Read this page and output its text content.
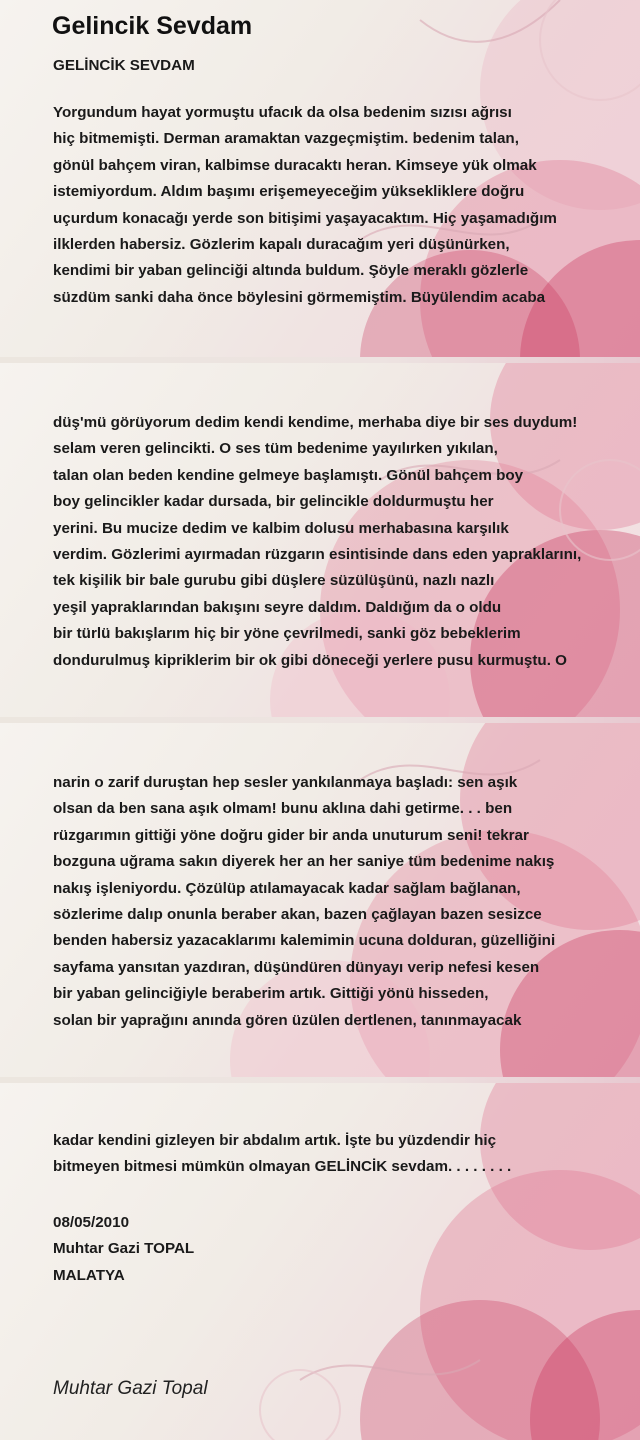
Gelincik Sevdam
GELİNCİK SEVDAM
Yorgundum hayat yormuştu ufacık da olsa bedenim sızısı ağrısı
hiç bitmemişti. Derman aramaktan vazgeçmiştim. bedenim talan,
gönül bahçem viran, kalbimse duracaktı heran. Kimseye yük olmak
istemiyordum. Aldım başımı erişemeyeceğim yükseklikler​e doğru
uçurdum konacağı yerde son bitişimi yaşayacaktım. Hiç yaşamadığım
ilklerden habersiz. Gözlerim kapalı duracağım yeri düşünürken,
kendimi bir yaban gelinciği altında buldum. Şöyle meraklı gözlerle
süzdüm sanki daha önce böylesini görmemiştim. Büyülendim acaba
düş'mü görüyorum dedim kendi kendime, merhaba diye bir ses duydum!
selam veren gelincikti. O ses tüm bedenime yayılırken yıkılan,
talan olan beden kendine gelmeye başlamıştı. Gönül bahçem boy
boy gelincikler kadar dursada, bir gelincikle doldurmuştu her
yerini. Bu mucize dedim ve kalbim dolusu merhabasına karşılık
verdim. Gözlerimi ayırmadan rüzgarın esintisinde dans eden yapraklarını,
tek kişilik bir bale gurubu gibi düşlere süzülüşünü, nazlı nazlı
yeşil yapraklarından bakışını seyre daldım. Daldığım da o oldu
bir türlü bakışlarım hiç bir yöne çevrilmedi, sanki göz bebeklerim
dondurulmuş kipriklerim bir ok gibi döneceği yerlere pusu kurmuştu. O
narin o zarif duruştan hep sesler yankılanmaya başladı: sen aşık
olsan da ben sana aşık olmam! bunu aklına dahi getirme. . . ben
rüzgarımın gittiği yöne doğru gider bir anda unuturum seni! tekrar
bozguna uğrama sakın diyerek her an her saniye tüm bedenime nakış
nakış işleniyordu. Çözülüp atılamayacak kadar sağlam bağlanan,
sözlerime dalıp onunla beraber akan, bazen çağlayan bazen sesizce
benden habersiz yazacaklarımı kalemimin ucuna dolduran, güzelliğini
sayfama yansıtan yazdıran, düşündüren dünyayı verip nefesi kesen
bir yaban gelinciğiyle beraberim artık. Gittiği yönü hisseden,
solan bir yaprağını anında gören üzülen dertlenen, tanınmayacak
kadar kendini gizleyen bir abdalım artık. İşte bu yüzdendir hiç
bitmeyen bitmesi mümkün olmayan GELİNCİK sevdam. . . . . . . .
08/05/2010
Muhtar Gazi TOPAL
MALATYA
Muhtar Gazi Topal
